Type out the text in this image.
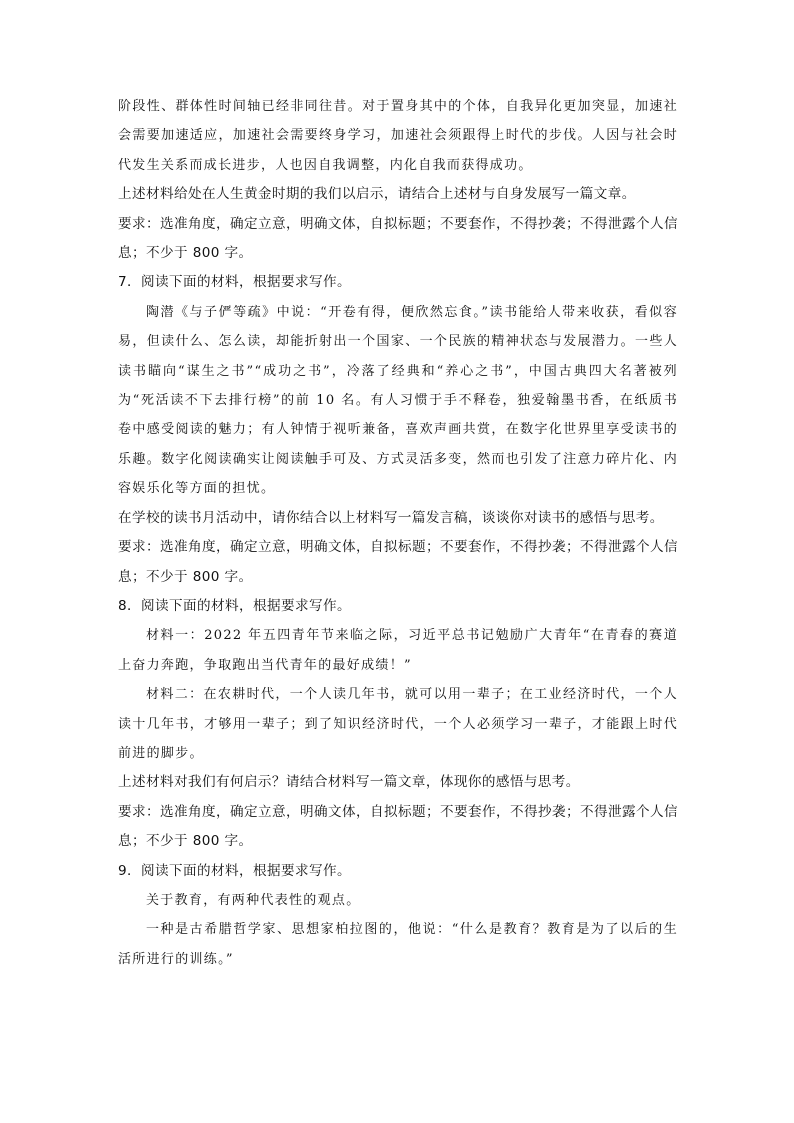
阶段性、群体性时间轴已经非同往昔。对于置身其中的个体，自我异化更加突显，加速社会需要加速适应，加速社会需要终身学习，加速社会须跟得上时代的步伐。人因与社会时代发生关系而成长进步，人也因自我调整，内化自我而获得成功。

上述材料给处在人生黄金时期的我们以启示，请结合上述材与自身发展写一篇文章。

要求：选准角度，确定立意，明确文体，自拟标题；不要套作，不得抄袭；不得泄露个人信息；不少于 800 字。

7．阅读下面的材料，根据要求写作。

陶潜《与子俨等疏》中说：“开卷有得，便欣然忘食。”读书能给人带来收获，看似容易，但读什么、怎么读，却能折射出一个国家、一个民族的精神状态与发展潜力。一些人读书瞄向“谋生之书”“成功之书”，冷落了经典和“养心之书”，中国古典四大名著被列为“死活读不下去排行榜”的前 10 名。有人习惯于手不释卷，独爱翰墨书香，在纸质书卷中感受阅读的魅力；有人钟情于视听兼备，喜欢声画共赏，在数字化世界里享受读书的乐趣。数字化阅读确实让阅读触手可及、方式灵活多变，然而也引发了注意力碎片化、内容娱乐化等方面的担忧。

在学校的读书月活动中，请你结合以上材料写一篇发言稿，谈谈你对读书的感悟与思考。

要求：选准角度，确定立意，明确文体，自拟标题；不要套作，不得抄袭；不得泄露个人信息；不少于 800 字。

8．阅读下面的材料，根据要求写作。

材料一：2022 年五四青年节来临之际，习近平总书记勉励广大青年“在青春的赛道上奋力奔跑，争取跑出当代青年的最好成绩！”

材料二：在农耕时代，一个人读几年书，就可以用一辈子；在工业经济时代，一个人读十几年书，才够用一辈子；到了知识经济时代，一个人必须学习一辈子，才能跟上时代前进的脚步。

上述材料对我们有何启示？请结合材料写一篇文章，体现你的感悟与思考。

要求：选准角度，确定立意，明确文体，自拟标题；不要套作，不得抄袭；不得泄露个人信息；不少于 800 字。

9．阅读下面的材料，根据要求写作。

关于教育，有两种代表性的观点。

一种是古希腊哲学家、思想家柏拉图的，他说：“什么是教育？教育是为了以后的生活所进行的训练。”
